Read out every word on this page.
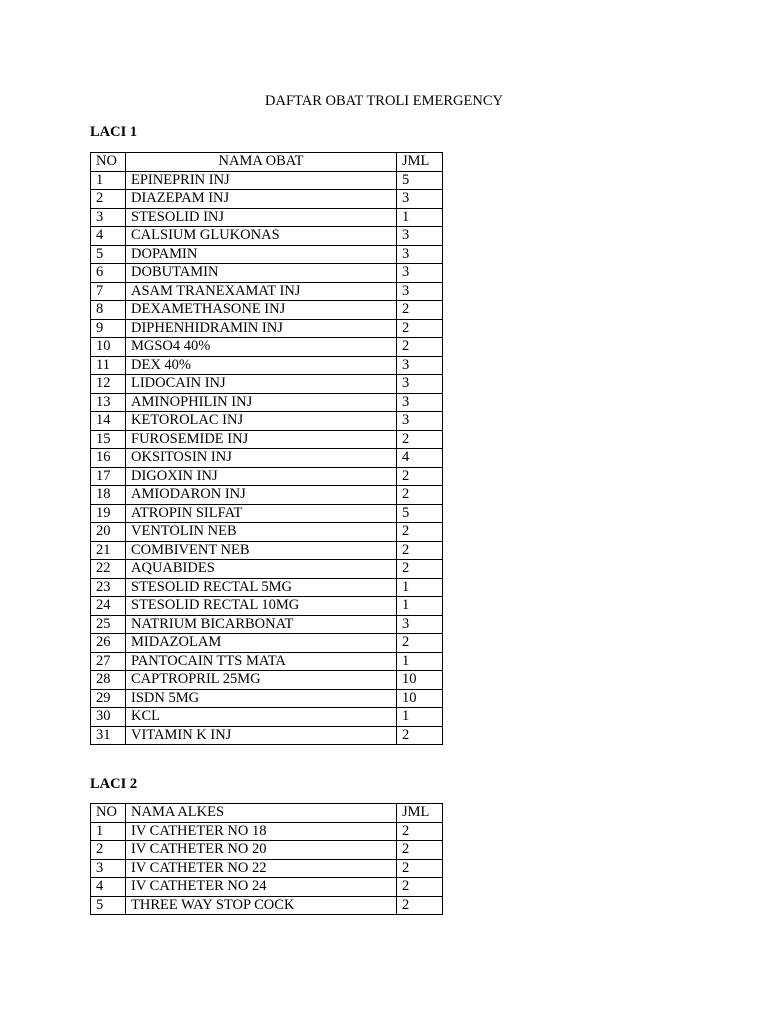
DAFTAR OBAT TROLI EMERGENCY
LACI 1
NO	NAMA OBAT	JML
1	EPINEPRIN INJ	5
2	DIAZEPAM INJ	3
3	STESOLID INJ	1
4	CALSIUM GLUKONAS	3
5	DOPAMIN	3
6	DOBUTAMIN	3
7	ASAM TRANEXAMAT INJ	3
8	DEXAMETHASONE INJ	2
9	DIPHENHIDRAMIN INJ	2
10	MGSO4 40%	2
11	DEX 40%	3
12	LIDOCAIN INJ	3
13	AMINOPHILIN INJ	3
14	KETOROLAC INJ	3
15	FUROSEMIDE INJ	2
16	OKSITOSIN INJ	4
17	DIGOXIN INJ	2
18	AMIODARON INJ	2
19	ATROPIN SILFAT	5
20	VENTOLIN NEB	2
21	COMBIVENT NEB	2
22	AQUABIDES	2
23	STESOLID RECTAL 5MG	1
24	STESOLID RECTAL 10MG	1
25	NATRIUM BICARBONAT	3
26	MIDAZOLAM	2
27	PANTOCAIN TTS MATA	1
28	CAPTROPRIL 25MG	10
29	ISDN 5MG	10
30	KCL	1
31	VITAMIN K INJ	2
LACI 2
NO	NAMA ALKES	JML
1	IV CATHETER NO 18	2
2	IV CATHETER NO 20	2
3	IV CATHETER NO 22	2
4	IV CATHETER NO 24	2
5	THREE WAY STOP COCK	2
